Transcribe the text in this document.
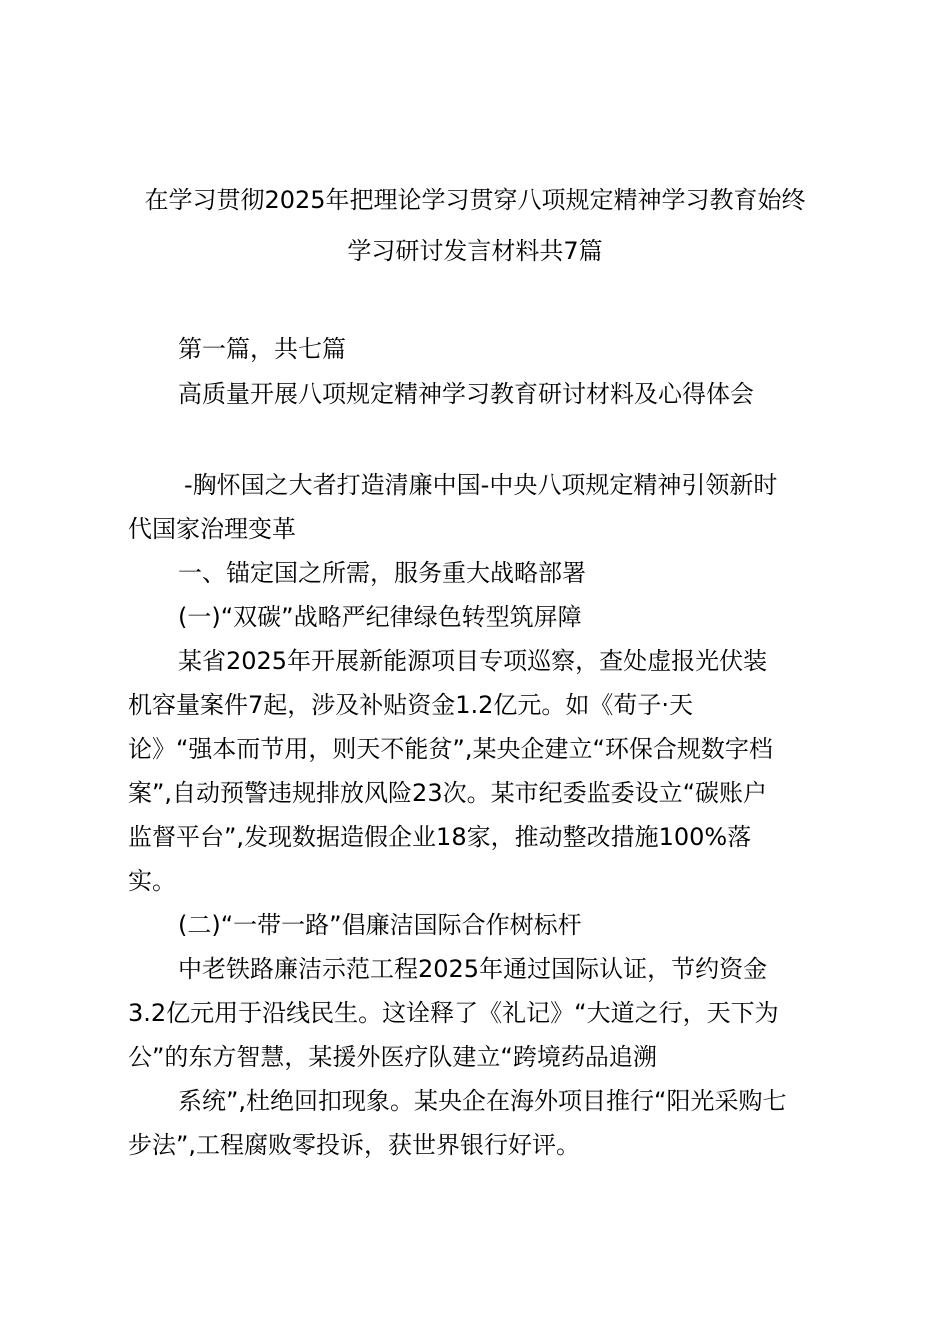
在学习贯彻2025年把理论学习贯穿八项规定精神学习教育始终
学习研讨发言材料共7篇
第一篇，共七篇
高质量开展八项规定精神学习教育研讨材料及心得体会
-胸怀国之大者打造清廉中国-中央八项规定精神引领新时
代国家治理变革
一、锚定国之所需，服务重大战略部署
(一)“双碳”战略严纪律绿色转型筑屏障
某省2025年开展新能源项目专项巡察，查处虚报光伏装
机容量案件7起，涉及补贴资金1.2亿元。如《荀子·天
论》“强本而节用，则天不能贫”,某央企建立“环保合规数字档
案”,自动预警违规排放风险23次。某市纪委监委设立“碳账户
监督平台”,发现数据造假企业18家，推动整改措施100%落
实。
(二)“一带一路”倡廉洁国际合作树标杆
中老铁路廉洁示范工程2025年通过国际认证，节约资金
3.2亿元用于沿线民生。这诠释了《礼记》“大道之行，天下为
公”的东方智慧，某援外医疗队建立“跨境药品追溯
系统”,杜绝回扣现象。某央企在海外项目推行“阳光采购七
步法”,工程腐败零投诉，获世界银行好评。
